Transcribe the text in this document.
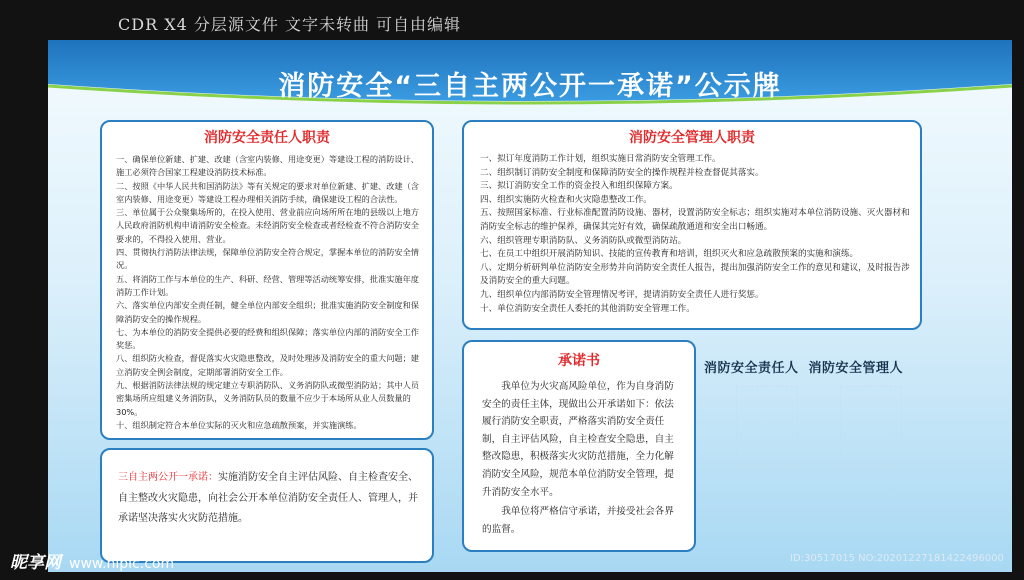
CDR X4 分层源文件 文字未转曲 可自由编辑
消防安全“三自主两公开一承诺”公示牌
消防安全责任人职责

一、确保单位新建、扩建、改建（含室内装修、用途变更）等建设工程的消防设计、施工必须符合国家工程建设消防技术标准。

二、按照《中华人民共和国消防法》等有关规定的要求对单位新建、扩建、改建（含室内装修、用途变更）等建设工程办理相关消防手续，确保建设工程的合法性。

三、单位属于公众聚集场所的，在投入使用、营业前应向场所所在地的县级以上地方人民政府消防机构申请消防安全检查。未经消防安全检查或者经检查不符合消防安全要求的，不得投入使用、营业。

四、贯彻执行消防法律法规，保障单位消防安全符合规定，掌握本单位的消防安全情况。

五、将消防工作与本单位的生产、科研、经营、管理等活动统筹安排，批准实施年度消防工作计划。

六、落实单位内部安全责任制，健全单位内部安全组织；批准实施消防安全制度和保障消防安全的操作规程。

七、为本单位的消防安全提供必要的经费和组织保障；落实单位内部的消防安全工作奖惩。

八、组织防火检查，督促落实火灾隐患整改，及时处理涉及消防安全的重大问题；建立消防安全例会制度，定期部署消防安全工作。

九、根据消防法律法规的规定建立专职消防队、义务消防队或微型消防站；其中人员密集场所应组建义务消防队，义务消防队员的数量不应少于本场所从业人员数量的30%。

十、组织制定符合本单位实际的灭火和应急疏散预案，并实施演练。

消防安全管理人职责

一、拟订年度消防工作计划，组织实施日常消防安全管理工作。

二、组织制订消防安全制度和保障消防安全的操作规程并检查督促其落实。

三、拟订消防安全工作的资金投入和组织保障方案。

四、组织实施防火检查和火灾隐患整改工作。

五、按照国家标准、行业标准配置消防设施、器材，设置消防安全标志；组织实施对本单位消防设施、灭火器材和消防安全标志的维护保养，确保其完好有效，确保疏散通道和安全出口畅通。

六、组织管理专职消防队、义务消防队或微型消防站。

七、在员工中组织开展消防知识、技能的宣传教育和培训，组织灭火和应急疏散预案的实施和演练。

八、定期分析研判单位消防安全形势并向消防安全责任人报告，提出加强消防安全工作的意见和建议，及时报告涉及消防安全的重大问题。

九、组织单位内部消防安全管理情况考评，提请消防安全责任人进行奖惩。

十、单位消防安全责任人委托的其他消防安全管理工作。

三自主两公开一承诺：实施消防安全自主评估风险、自主检查安全、自主整改火灾隐患，向社会公开本单位消防安全责任人、管理人，并承诺坚决落实火灾防范措施。
承诺书

我单位为火灾高风险单位，作为自身消防安全的责任主体，现做出公开承诺如下：依法履行消防安全职责，严格落实消防安全责任制，自主评估风险，自主检查安全隐患，自主整改隐患，积极落实火灾防范措施，全力化解消防安全风险，规范本单位消防安全管理，提升消防安全水平。

我单位将严格信守承诺，并接受社会各界的监督。

消防安全责任人 消防安全管理人
昵享网 www.nipic.com	ID:30517015 NO:20201227181422496000
